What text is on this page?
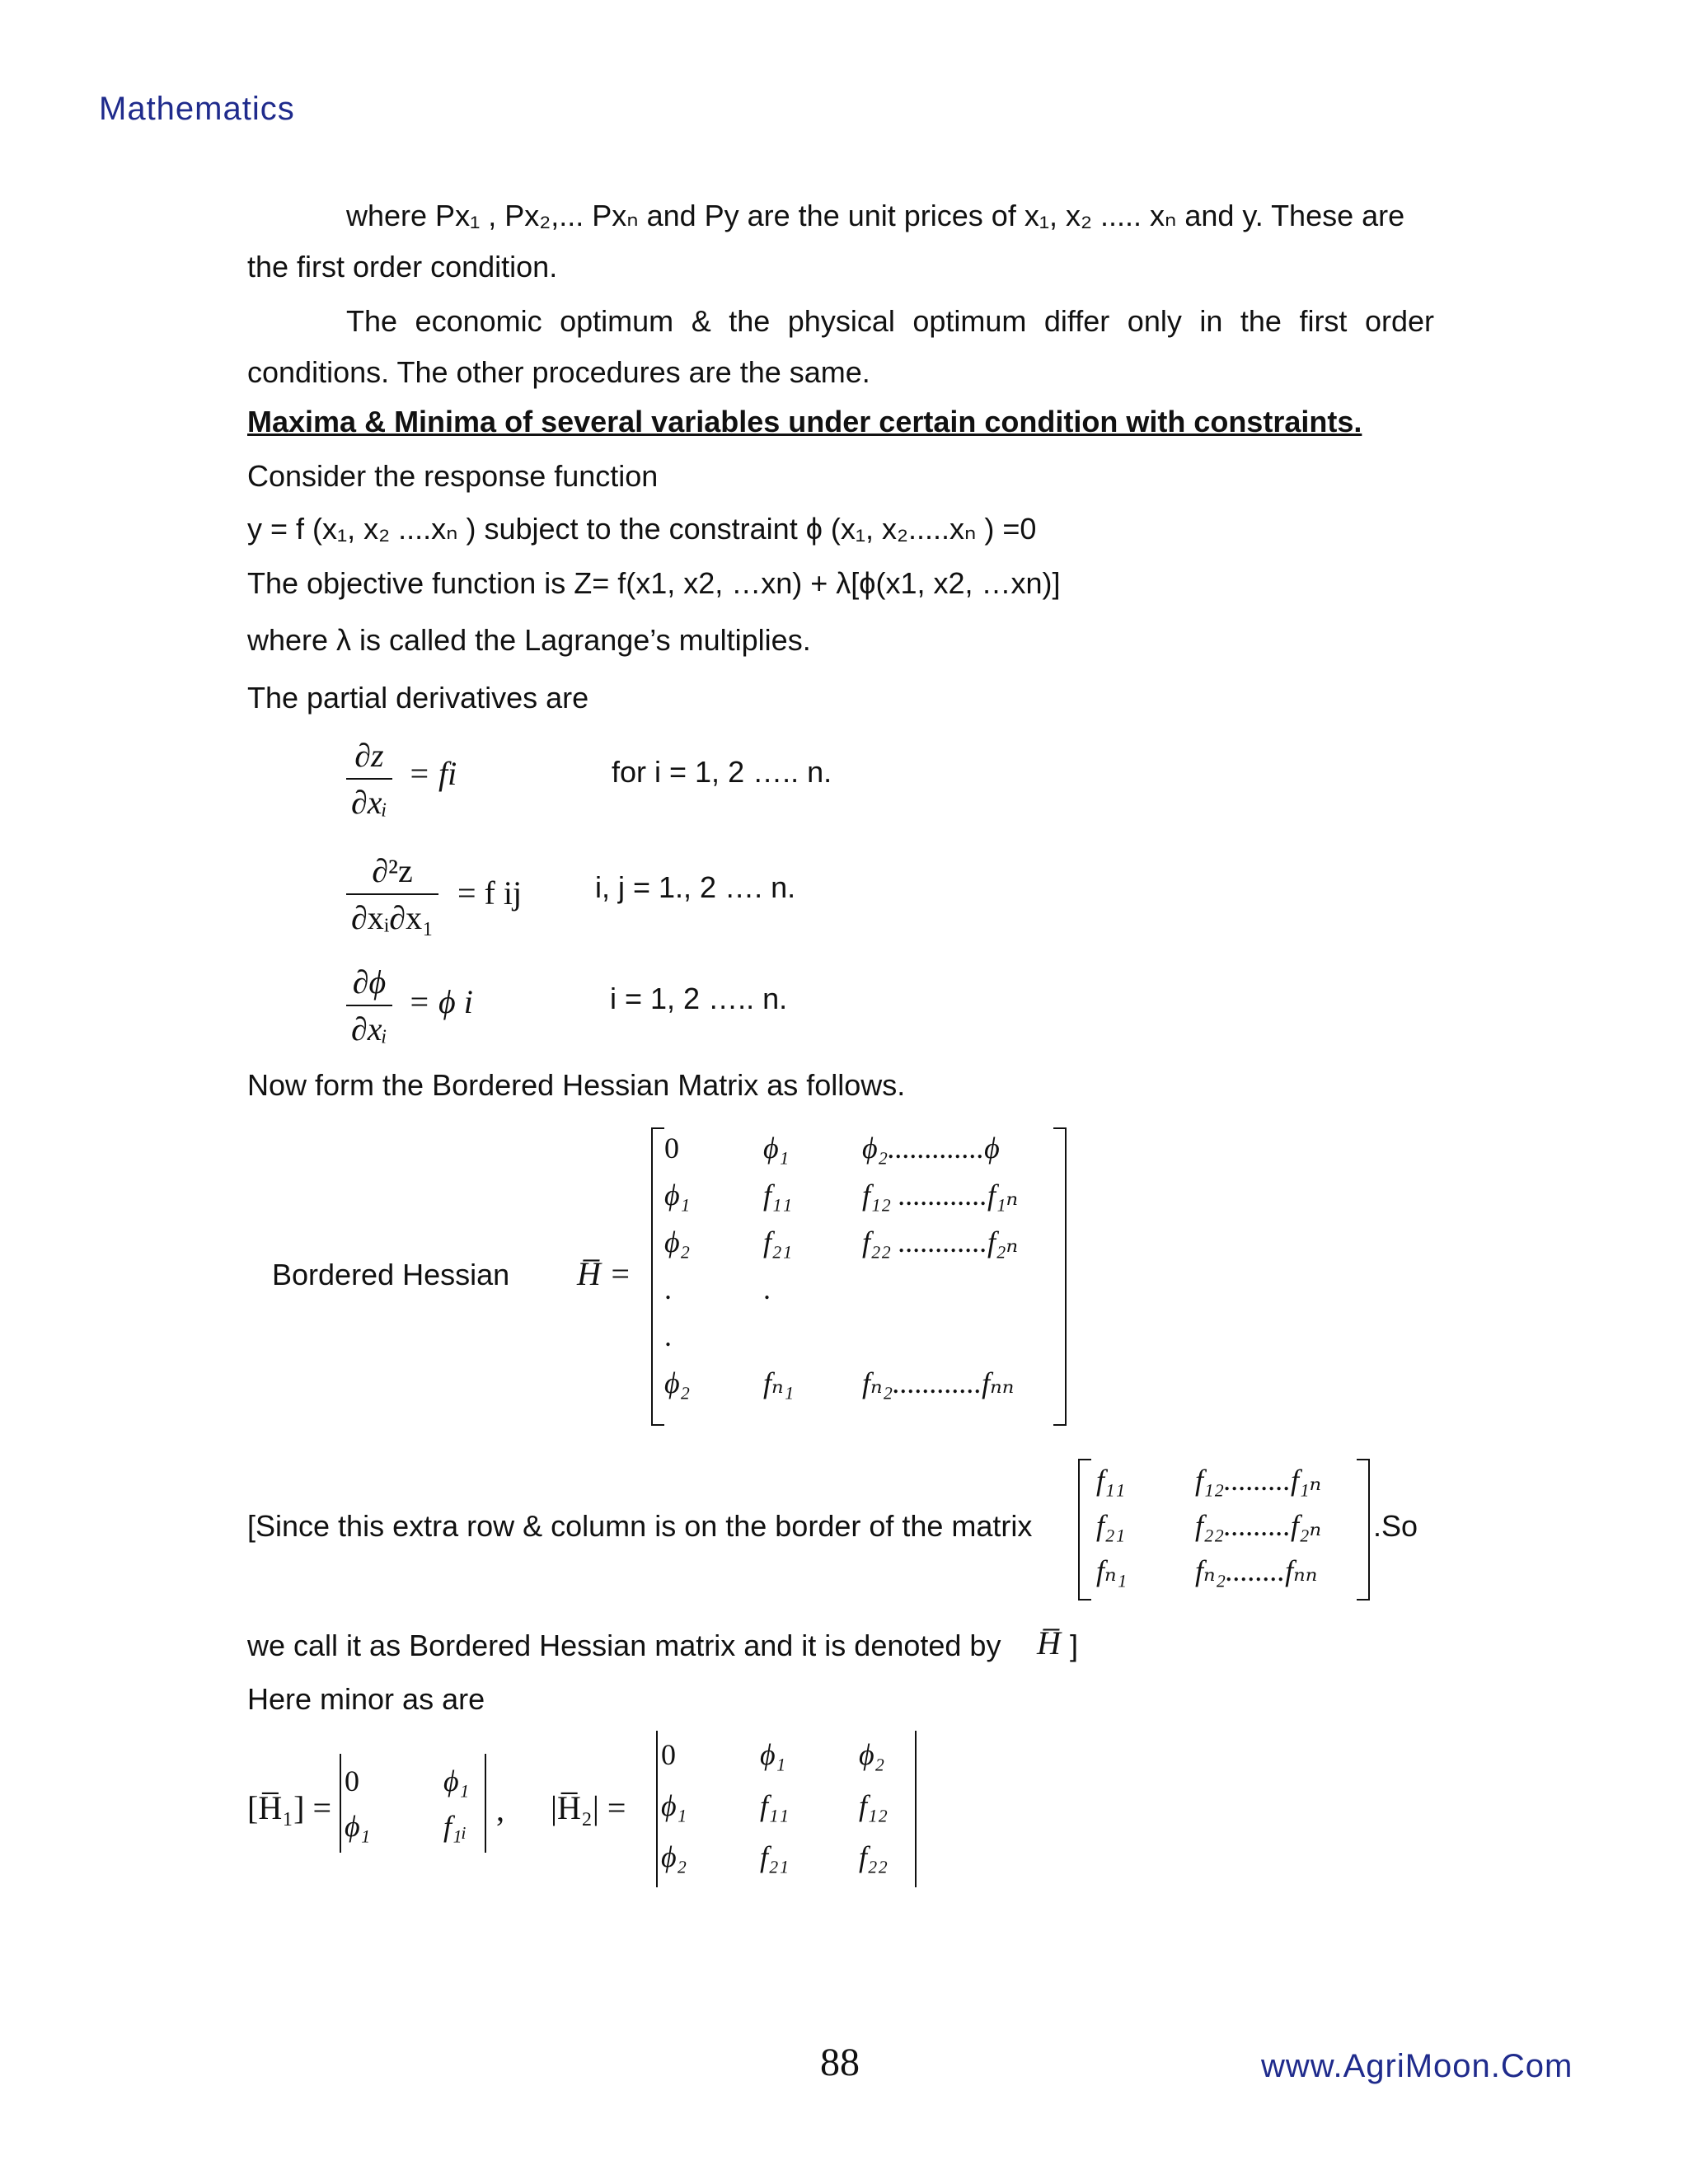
Mathematics
where Px₁ , Px₂,... Pxₙ and Py are the unit prices of x₁, x₂ ..... xₙ and y. These are
the first order condition.
The economic optimum & the physical optimum differ only in the first order
conditions. The other procedures are the same.
Maxima & Minima of several variables under certain condition with constraints.
Consider the response function
y = f (x₁, x₂ ....xₙ ) subject to the constraint ϕ (x₁, x₂.....xₙ ) =0
The objective function is Z= f(x1, x2, …xn) + λ[ϕ(x1, x2, …xn)]
where λ is called the Lagrange’s multiplies.
The partial derivatives are
∂z
∂xᵢ
= fi	for i = 1, 2 ….. n.
∂²z
∂xᵢ∂x₁
= f ij i, j = 1., 2 …. n.
∂ϕ
∂xᵢ
= ϕ i	i = 1, 2 ….. n.
Now form the Bordered Hessian Matrix as follows.
Bordered Hessian H̅ =
0	ϕ₁ ϕ₂.............ϕ
ϕ₁ f₁₁ f₁₂ ............f₁ₙ
ϕ₂ f₂₁ f₂₂ ............f₂ₙ
.	.
.
ϕ₂ fₙ₁ fₙ₂............fₙₙ
[Since this extra row & column is on the border of the matrix
f₁₁ f₁₂.........f₁ₙ
f₂₁ f₂₂.........f₂ₙ
fₙ₁ fₙ₂........fₙₙ
.So
we call it as Bordered Hessian matrix and it is denoted by H̅ ]
Here minor as are
[H̅₁] =
0	ϕ₁
ϕ₁ f₁ᵢ , |H̅₂| =
0	ϕ₁ ϕ₂
ϕ₁ f₁₁ f₁₂
ϕ₂ f₂₁ f₂₂
88	www.AgriMoon.Com
